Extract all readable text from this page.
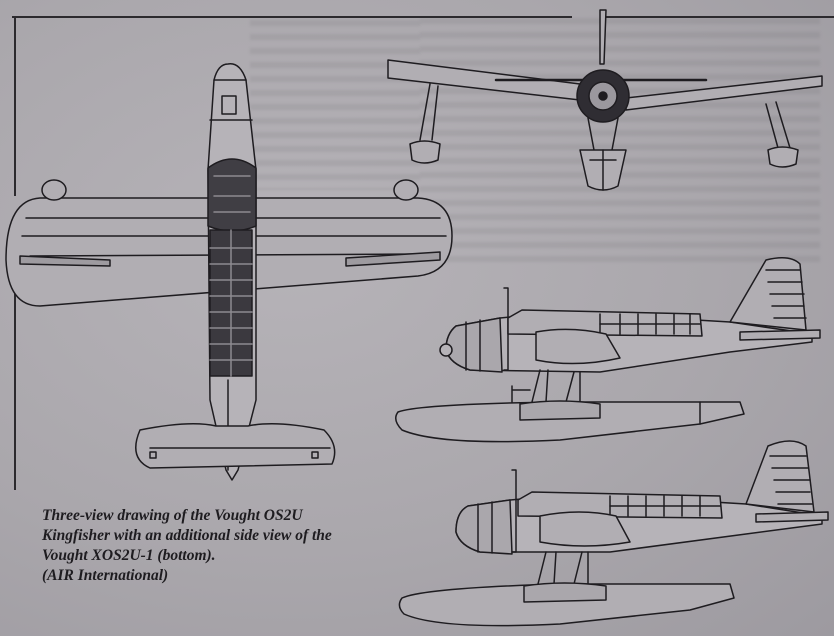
Three-view drawing of the Vought OS2U
Kingfisher with an additional side view of the
Vought XOS2U-1 (bottom).
(AIR International)
